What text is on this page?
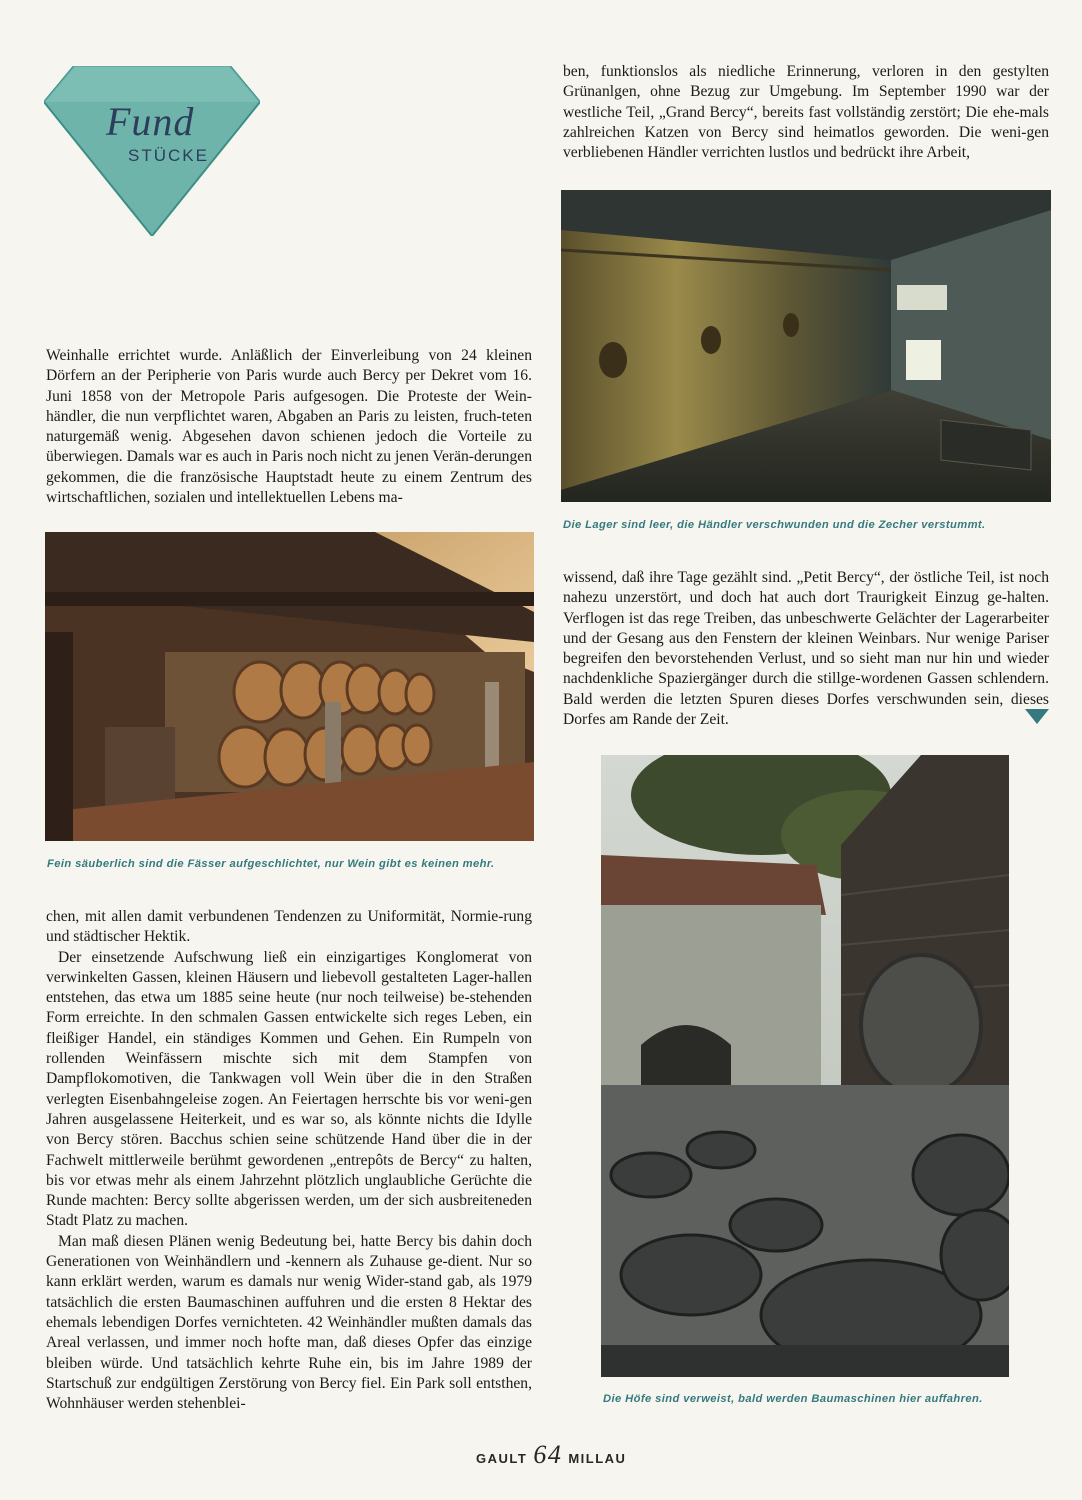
Fund
STÜCKE

ben, funktionslos als niedliche Erinnerung, verloren in den gestylten Grünanlgen, ohne Bezug zur Umgebung. Im September 1990 war der westliche Teil, „Grand Bercy“, bereits fast vollständig zerstört; Die ehe-mals zahlreichen Katzen von Bercy sind heimatlos geworden. Die weni-gen verbliebenen Händler verrichten lustlos und bedrückt ihre Arbeit,

Die Lager sind leer, die Händler verschwunden und die Zecher verstummt.

Weinhalle errichtet wurde. Anläßlich der Einverleibung von 24 kleinen Dörfern an der Peripherie von Paris wurde auch Bercy per Dekret vom 16. Juni 1858 von der Metropole Paris aufgesogen. Die Proteste der Wein-händler, die nun verpflichtet waren, Abgaben an Paris zu leisten, fruch-teten naturgemäß wenig. Abgesehen davon schienen jedoch die Vorteile zu überwiegen. Damals war es auch in Paris noch nicht zu jenen Verän-derungen gekommen, die die französische Hauptstadt heute zu einem Zentrum des wirtschaftlichen, sozialen und intellektuellen Lebens ma-

Fein säuberlich sind die Fässer aufgeschlichtet, nur Wein gibt es keinen mehr.

wissend, daß ihre Tage gezählt sind. „Petit Bercy“, der östliche Teil, ist noch nahezu unzerstört, und doch hat auch dort Traurigkeit Einzug ge-halten. Verflogen ist das rege Treiben, das unbeschwerte Gelächter der Lagerarbeiter und der Gesang aus den Fenstern der kleinen Weinbars. Nur wenige Pariser begreifen den bevorstehenden Verlust, und so sieht man nur hin und wieder nachdenkliche Spaziergänger durch die stillge-wordenen Gassen schlendern. Bald werden die letzten Spuren dieses Dorfes verschwunden sein, dieses Dorfes am Rande der Zeit.

Die Höfe sind verweist, bald werden Baumaschinen hier auffahren.

chen, mit allen damit verbundenen Tendenzen zu Uniformität, Normie-rung und städtischer Hektik.

Der einsetzende Aufschwung ließ ein einzigartiges Konglomerat von verwinkelten Gassen, kleinen Häusern und liebevoll gestalteten Lager-hallen entstehen, das etwa um 1885 seine heute (nur noch teilweise) be-stehenden Form erreichte. In den schmalen Gassen entwickelte sich reges Leben, ein fleißiger Handel, ein ständiges Kommen und Gehen. Ein Rumpeln von rollenden Weinfässern mischte sich mit dem Stampfen von Dampflokomotiven, die Tankwagen voll Wein über die in den Straßen verlegten Eisenbahngeleise zogen. An Feiertagen herrschte bis vor weni-gen Jahren ausgelassene Heiterkeit, und es war so, als könnte nichts die Idylle von Bercy stören. Bacchus schien seine schützende Hand über die in der Fachwelt mittlerweile berühmt gewordenen „entrepôts de Bercy“ zu halten, bis vor etwas mehr als einem Jahrzehnt plötzlich unglaubliche Gerüchte die Runde machten: Bercy sollte abgerissen werden, um der sich ausbreiteneden Stadt Platz zu machen.

Man maß diesen Plänen wenig Bedeutung bei, hatte Bercy bis dahin doch Generationen von Weinhändlern und -kennern als Zuhause ge-dient. Nur so kann erklärt werden, warum es damals nur wenig Wider-stand gab, als 1979 tatsächlich die ersten Baumaschinen auffuhren und die ersten 8 Hektar des ehemals lebendigen Dorfes vernichteten. 42 Weinhändler mußten damals das Areal verlassen, und immer noch hofte man, daß dieses Opfer das einzige bleiben würde. Und tatsächlich kehrte Ruhe ein, bis im Jahre 1989 der Startschuß zur endgültigen Zerstörung von Bercy fiel. Ein Park soll entsthen, Wohnhäuser werden stehenblei-

GAULT 64 MILLAU
